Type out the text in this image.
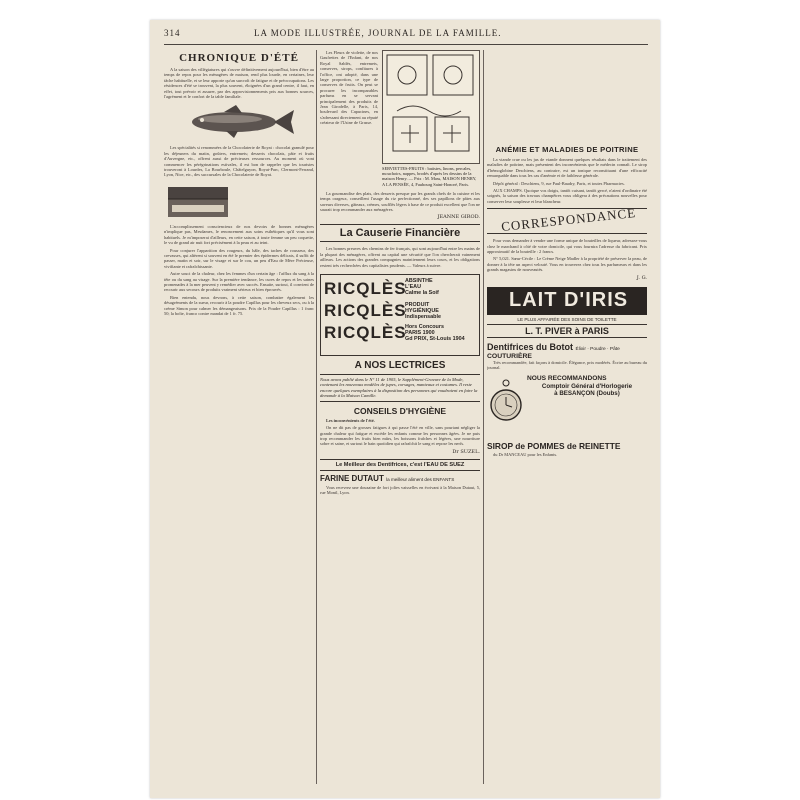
314	LA MODE ILLUSTRÉE, JOURNAL DE LA FAMILLE.
CHRONIQUE D'ÉTÉ

A la saison des villégiatures qui s'ouvre définitivement aujourd'hui, bien d'être au temps de repos pour les ménagères de maison, rend plus lourde, en certaines, leur tâche habituelle, et se leur apporte qu'un surcroît de fatigue et de préoccupations. Les résidences d'été se trouvent, la plus souvent, éloignées d'un grand centre, il faut, en effet, tout prévoir et assurer, par des approvisionnements pris aux bonnes sources, l'agrément et le confort de la table familiale.

Les spécialités si renommées de la Chocolaterie de Royat : chocolat granulé pour les déjeuners du matin, goûters, entremets; desserts chocolats, pâte et fruits d'Auvergne, etc., offrent aussi de précieuses ressources. Au moment où vont commencer les pérégrinations estivales, il est bon de rappeler que les touristes trouveront à Lourdes, La Bourboule, Châtelguyon, Royat-Parc, Clermont-Ferrand, Lyon, Nice, etc., des succursales de la Chocolaterie de Royat.

L'accomplissement consciencieux de nos devoirs de bonnes ménagères n'implique pas, Mesdames, le renoncement aux soins esthétiques qu'il vous sont habituels. Je m'imposerai d'ailleurs, en cette saison, à toute femme un peu coquette, le vu de grand air nuit fort précisément à la peau et au teint.

Pour conjurer l'apparition des rougeurs, du hâle, des taches de rousseur, des crevasses, qui altèrent si souvent en été le premier des épidermes délicats, il suffit de passer, matin et soir, sur le visage et sur le cou, un peu d'Eau de Mère Précieuse, vivifiante et rafraîchissante.

Autre souci de la chaleur, chez les femmes d'un certain âge : l'afflux du sang à la tête ou du sang au visage. Sur la première tendance, les cures de repos et les saines promenades à la mer peuvent y remédier avec succès. Ensuite, surtout, il convient de recourir aux secours de produits vraiment sérieux et bien éprouvés.

Bien entendu, nous devrons, à cette saison, combattre également les désagréments de la sueur, recourir à la poudre Capillus pour les cheveux secs, ou à la crème Simon pour calmer les démangeaisons. Prix de la Poudre Capillus : 1 franc 50; la boîte, franco contre mandat de 1 fr. 75.

Les Fleurs de violette, de nos Gaufrettes de l'Enfant, de nos Royal Sablés, entremets, conserves, sirops, confitures à l'office, ont adopté, dans une large proportion, ce type de conserves de fruits. On peut se procurer les incomparables parfums en se servant principalement des produits de Jean Girodelle, à Paris, 14, boulevard des Capucines, en s'adressant directement au réputé créateur de l'Usine de Grasse.

SERVIETTES-FRUITS : batistes, linons, percales, mouchoirs, nappes, brodés d'après les dessins de la maison Henry. — Prix : M. Mass, MAISON HENRY, A LA PENSÉE, 4, Faubourg Saint-Honoré, Paris.

La gourmandise des plats, des desserts presque par les grands chefs de la cuisine et les temps orageux, conseillent l'usage du riz perfectionné, des ses papillons de pâtes aux saveurs diverses, gâteaux, crèmes, soufflés légers à base de ce produit excellent que l'on ne saurait trop recommander aux ménagères.

JEANNE GIROD.
La Causerie Financière

Les bonnes preuves des chemins de fer français, qui sont aujourd'hui entre les mains de la plupart des ménagères, offrent au capital une sécurité que l'on chercherait vainement ailleurs. Les actions des grandes compagnies maintiennent leurs cours, et les obligations restent très recherchées des capitalistes prudents. — Valeurs à suivre.

RICQLÈS
RICQLÈS
RICQLÈS
ABSINTHE
L'EAU
Calme la Soif
PRODUIT
HYGIÉNIQUE
Indispensable
Hors Concours
PARIS 1900
Gd PRIX, St-Louis 1904
A NOS LECTRICES
Nous avons publié dans le N° 11 de 1905, le Supplément-Gravure de la Mode, contenant les nouveaux modèles de jupes, corsages, manteaux et costumes. Il reste encore quelques exemplaires à la disposition des personnes qui voudraient en faire la demande à la Maison Camille.
CONSEILS D'HYGIÈNE

Les inconvénients de l'été.

On ne dit pas de grosses fatigues à qui passe l'été en ville, sans pourtant négliger la grande chaleur qui fatigue et excède les enfants comme les personnes âgées. Je ne puis trop recommander les fruits bien mûrs, les boissons fraîches et légères, une nourriture sobre et saine, et surtout le bain quotidien qui rafraîchit le sang et repose les nerfs.

Dr SUZEL.
Le Meilleur des Dentifrices, c'est l'EAU DE SUEZ
FARINE DUTAUT la meilleur aliment des ENFANTS

Vous recevrez une douzaine de fort jolies vaisselles en écrivant à la Maison Dutaut, 5, rue Montl, Lyon.

ANÉMIE ET MALADIES DE POITRINE

La viande crue ou les jus de viande donnent quelques résultats dans le traitement des maladies de poitrine, mais présentent des inconvénients que le médecin connaît. Le sirop d'hémoglobine Deschiens, au contraire, est un tonique reconstituant d'une efficacité remarquable dans tous les cas d'anémie et de faiblesse générale.

Dépôt général : Deschiens, 9, rue Paul-Baudry, Paris, et toutes Pharmacies.

AUX CHAMPS. Quoique vos doigts, tantôt cuisant, tantôt gercé, n'aient d'ordinaire été soignés, la saison des travaux champêtres vous obligera à des précautions nouvelles pour conserver leur souplesse et leur blancheur.

CORRESPONDANCE

Pour vous demander à vendre une forme unique de bouteilles de liqueur, adressez-vous chez le marchand à côté de votre domicile, qui vous fournira l'adresse du fabricant. Prix approximatif de la bouteille : 2 francs.

N° 5,021. Sœur-Cécile : Le Crème Neige Madler à la propriété de préserver la peau, de donner à la tête un aspect velouté. Vous en trouverez chez tous les parfumeurs et dans les grands magasins de nouveautés.

J. G.
LAIT D'IRIS
LE PLUS AFFAIRÉE DES SOINS DE TOILETTE
L. T. PIVER à PARIS
Dentifrices du Botot Élixir · Poudre · Pâte
COUTURIÈRE

Très recommandée, fait façons à domicile. Élégance, prix modérés. Écrire au bureau du journal.

NOUS RECOMMANDONS
Comptoir Général d'Horlogerie
à BESANÇON (Doubs)
SIROP de POMMES de REINETTE

du Dr MANCEAU pour les Enfants.
